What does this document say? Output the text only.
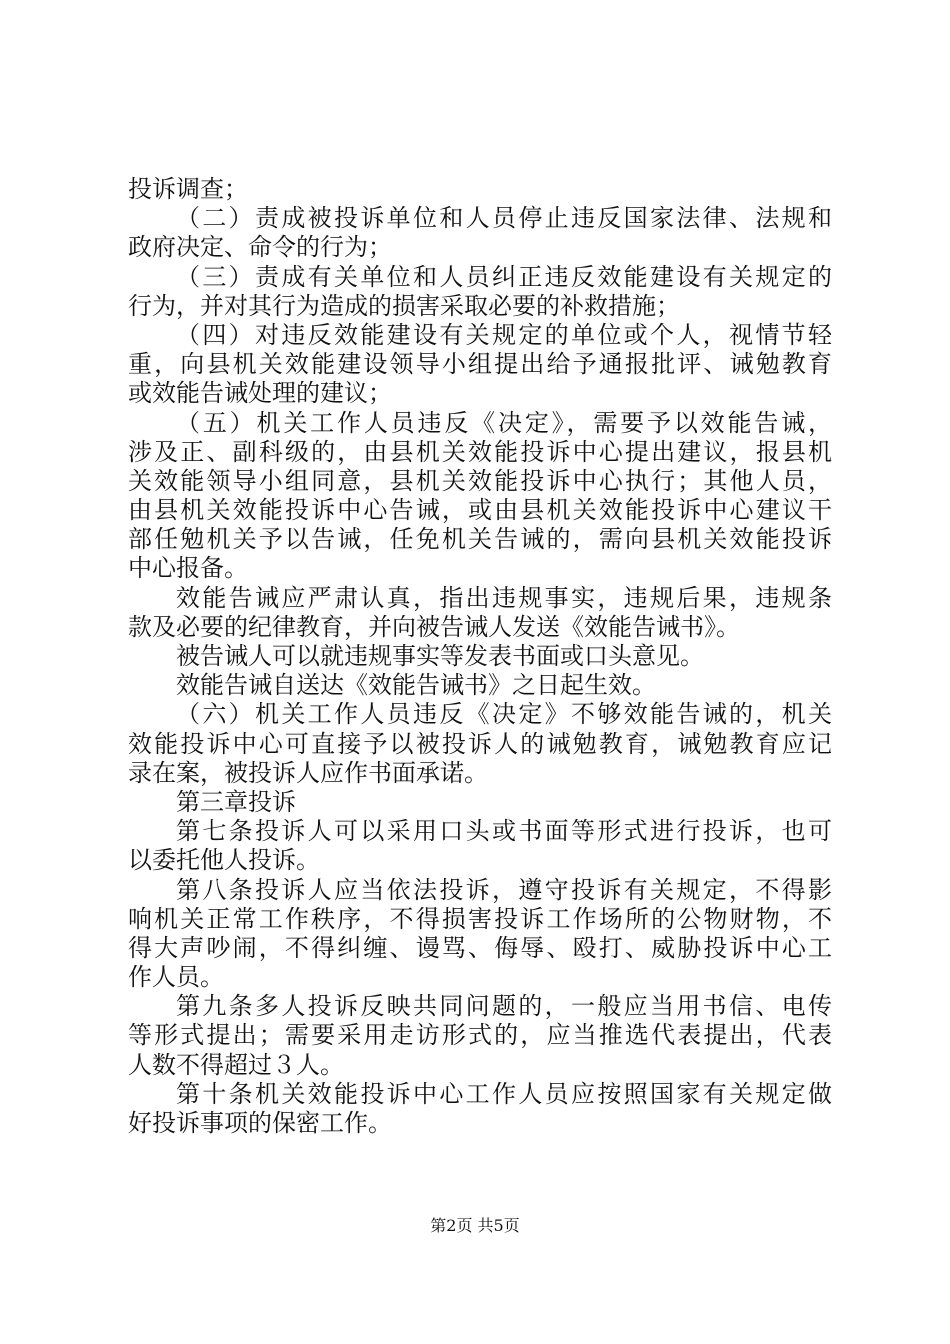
投诉调查；
（二）责成被投诉单位和人员停止违反国家法律、法规和
政府决定、命令的行为；
（三）责成有关单位和人员纠正违反效能建设有关规定的
行为，并对其行为造成的损害采取必要的补救措施；
（四）对违反效能建设有关规定的单位或个人，视情节轻
重，向县机关效能建设领导小组提出给予通报批评、诫勉教育
或效能告诫处理的建议；
（五）机关工作人员违反《决定》，需要予以效能告诫，
涉及正、副科级的，由县机关效能投诉中心提出建议，报县机
关效能领导小组同意，县机关效能投诉中心执行；其他人员，
由县机关效能投诉中心告诫，或由县机关效能投诉中心建议干
部任勉机关予以告诫，任免机关告诫的，需向县机关效能投诉
中心报备。
效能告诫应严肃认真，指出违规事实，违规后果，违规条
款及必要的纪律教育，并向被告诫人发送《效能告诫书》。
被告诫人可以就违规事实等发表书面或口头意见。
效能告诫自送达《效能告诫书》之日起生效。
（六）机关工作人员违反《决定》不够效能告诫的，机关
效能投诉中心可直接予以被投诉人的诫勉教育，诫勉教育应记
录在案，被投诉人应作书面承诺。
第三章投诉
第七条投诉人可以采用口头或书面等形式进行投诉，也可
以委托他人投诉。
第八条投诉人应当依法投诉，遵守投诉有关规定，不得影
响机关正常工作秩序，不得损害投诉工作场所的公物财物，不
得大声吵闹，不得纠缠、谩骂、侮辱、殴打、威胁投诉中心工
作人员。
第九条多人投诉反映共同问题的，一般应当用书信、电传
等形式提出；需要采用走访形式的，应当推选代表提出，代表
人数不得超过３人。
第十条机关效能投诉中心工作人员应按照国家有关规定做
好投诉事项的保密工作。
第2页 共5页
